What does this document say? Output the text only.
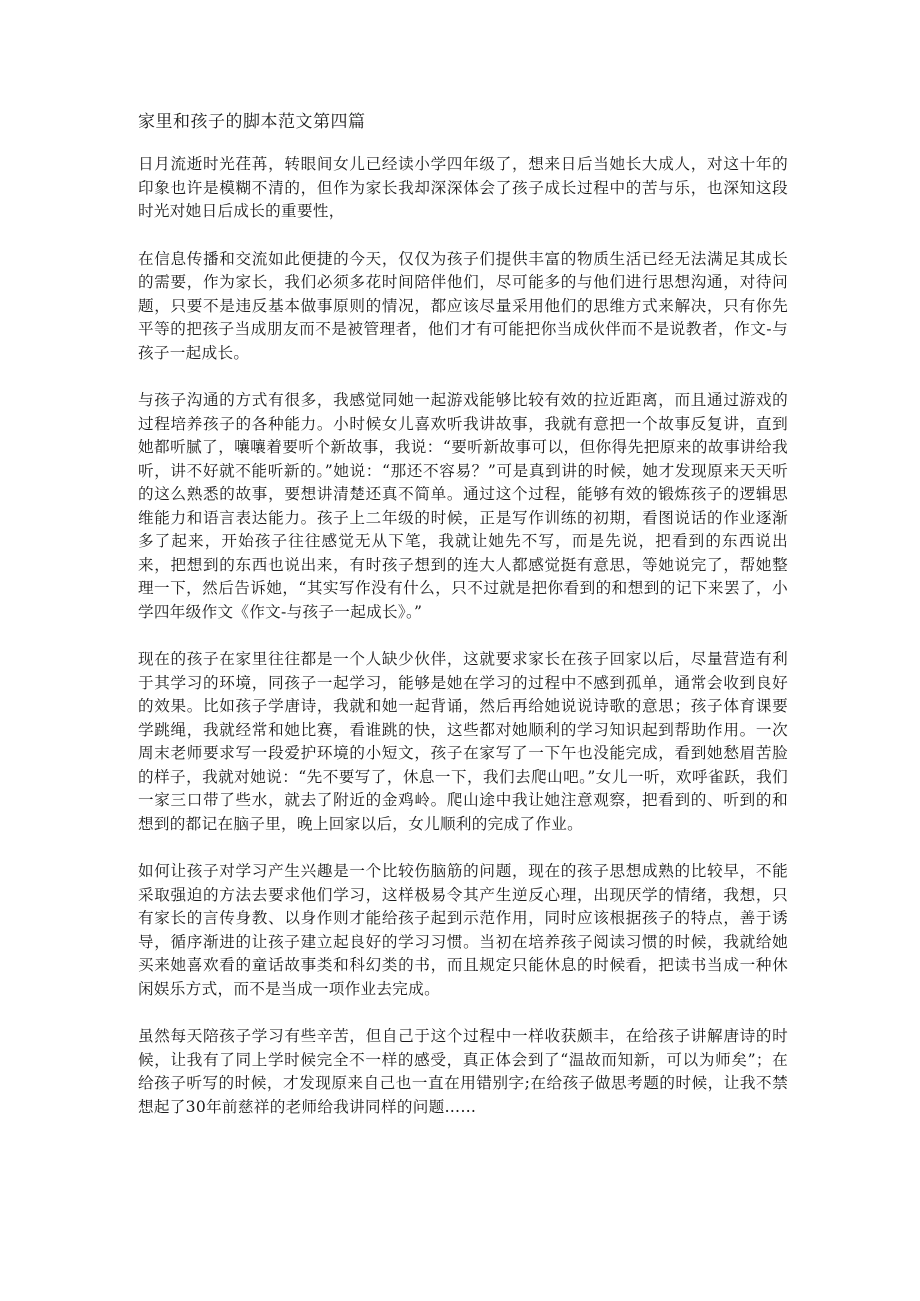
家里和孩子的脚本范文第四篇

日月流逝时光荏苒，转眼间女儿已经读小学四年级了，想来日后当她长大成人，对这十年的印象也许是模糊不清的，但作为家长我却深深体会了孩子成长过程中的苦与乐，也深知这段时光对她日后成长的重要性，

在信息传播和交流如此便捷的今天，仅仅为孩子们提供丰富的物质生活已经无法满足其成长的需要，作为家长，我们必须多花时间陪伴他们，尽可能多的与他们进行思想沟通，对待问题，只要不是违反基本做事原则的情况，都应该尽量采用他们的思维方式来解决，只有你先平等的把孩子当成朋友而不是被管理者，他们才有可能把你当成伙伴而不是说教者，作文-与孩子一起成长。

与孩子沟通的方式有很多，我感觉同她一起游戏能够比较有效的拉近距离，而且通过游戏的过程培养孩子的各种能力。小时候女儿喜欢听我讲故事，我就有意把一个故事反复讲，直到她都听腻了，嚷嚷着要听个新故事，我说：“要听新故事可以，但你得先把原来的故事讲给我听，讲不好就不能听新的。”她说：“那还不容易？”可是真到讲的时候，她才发现原来天天听的这么熟悉的故事，要想讲清楚还真不简单。通过这个过程，能够有效的锻炼孩子的逻辑思维能力和语言表达能力。孩子上二年级的时候，正是写作训练的初期，看图说话的作业逐渐多了起来，开始孩子往往感觉无从下笔，我就让她先不写，而是先说，把看到的东西说出来，把想到的东西也说出来，有时孩子想到的连大人都感觉挺有意思，等她说完了，帮她整理一下，然后告诉她，“其实写作没有什么，只不过就是把你看到的和想到的记下来罢了，小学四年级作文《作文-与孩子一起成长》。”

现在的孩子在家里往往都是一个人缺少伙伴，这就要求家长在孩子回家以后，尽量营造有利于其学习的环境，同孩子一起学习，能够是她在学习的过程中不感到孤单，通常会收到良好的效果。比如孩子学唐诗，我就和她一起背诵，然后再给她说说诗歌的意思；孩子体育课要学跳绳，我就经常和她比赛，看谁跳的快，这些都对她顺利的学习知识起到帮助作用。一次周末老师要求写一段爱护环境的小短文，孩子在家写了一下午也没能完成，看到她愁眉苦脸的样子，我就对她说：“先不要写了，休息一下，我们去爬山吧。”女儿一听，欢呼雀跃，我们一家三口带了些水，就去了附近的金鸡岭。爬山途中我让她注意观察，把看到的、听到的和想到的都记在脑子里，晚上回家以后，女儿顺利的完成了作业。

如何让孩子对学习产生兴趣是一个比较伤脑筋的问题，现在的孩子思想成熟的比较早，不能采取强迫的方法去要求他们学习，这样极易令其产生逆反心理，出现厌学的情绪，我想，只有家长的言传身教、以身作则才能给孩子起到示范作用，同时应该根据孩子的特点，善于诱导，循序渐进的让孩子建立起良好的学习习惯。当初在培养孩子阅读习惯的时候，我就给她买来她喜欢看的童话故事类和科幻类的书，而且规定只能休息的时候看，把读书当成一种休闲娱乐方式，而不是当成一项作业去完成。

虽然每天陪孩子学习有些辛苦，但自己于这个过程中一样收获颇丰，在给孩子讲解唐诗的时候，让我有了同上学时候完全不一样的感受，真正体会到了“温故而知新，可以为师矣”；在给孩子听写的时候，才发现原来自己也一直在用错别字;在给孩子做思考题的时候，让我不禁想起了30年前慈祥的老师给我讲同样的问题……
